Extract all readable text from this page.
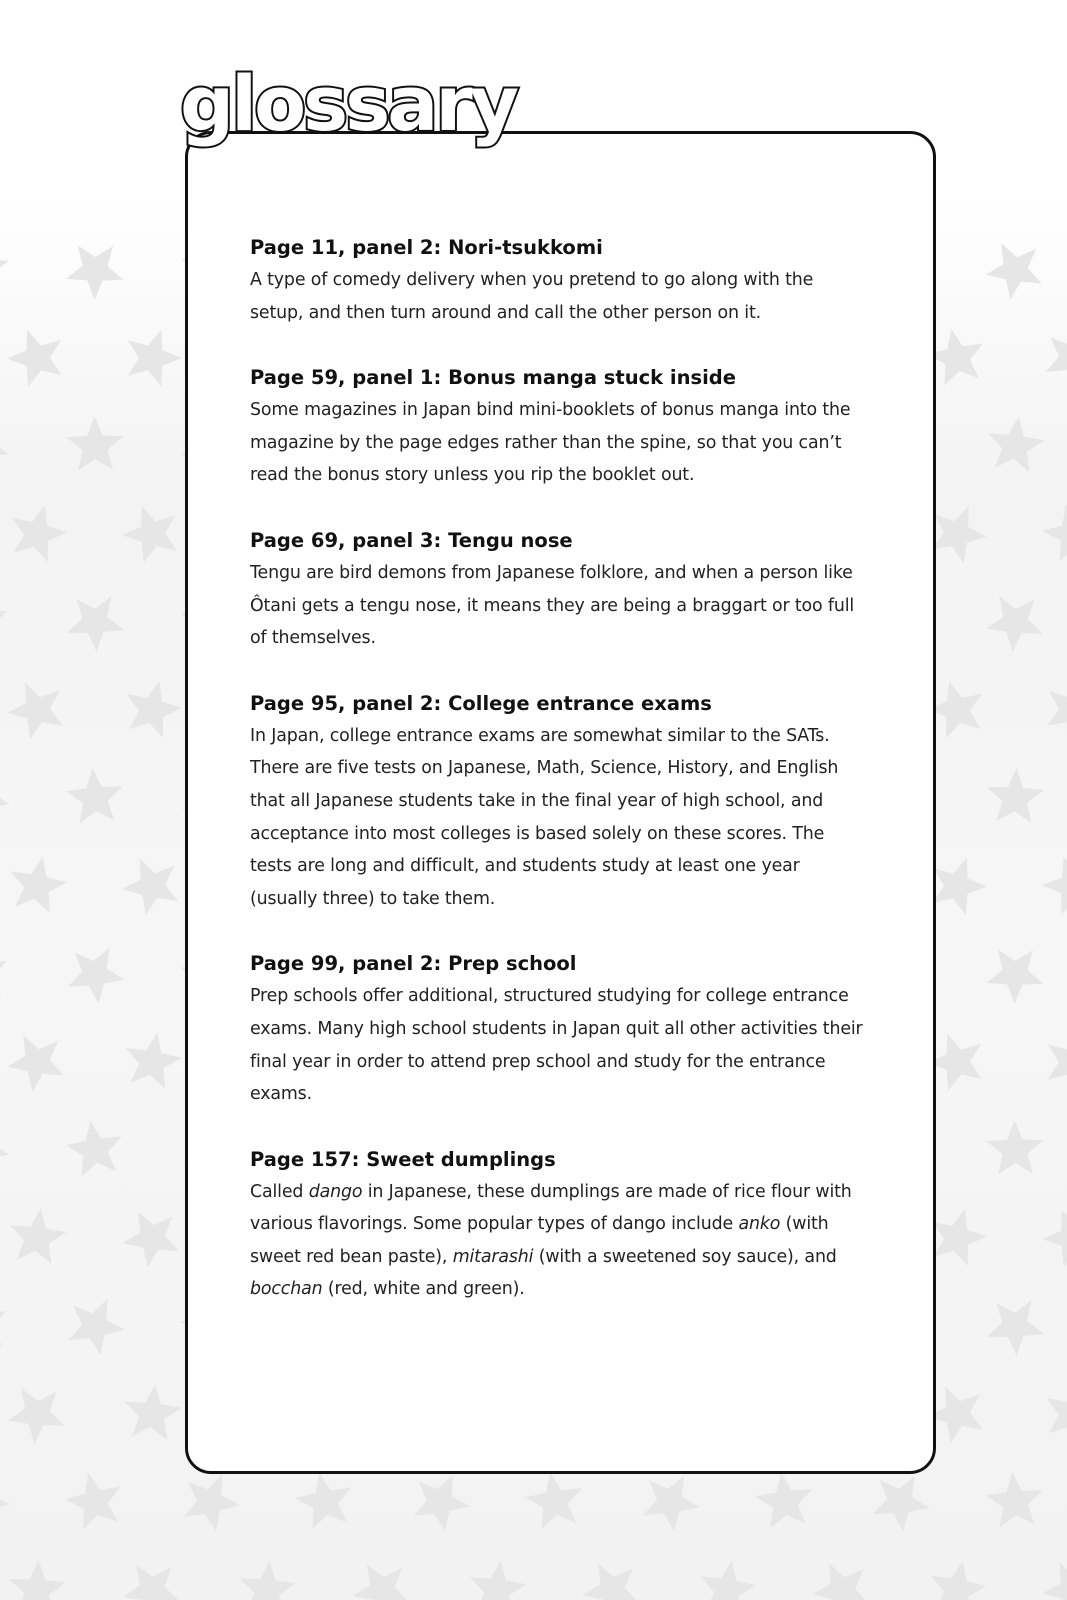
glossary
Page 11, panel 2: Nori-tsukkomi
A type of comedy delivery when you pretend to go along with the setup, and then turn around and call the other person on it.
Page 59, panel 1: Bonus manga stuck inside
Some magazines in Japan bind mini-booklets of bonus manga into the magazine by the page edges rather than the spine, so that you can’t read the bonus story unless you rip the booklet out.
Page 69, panel 3: Tengu nose
Tengu are bird demons from Japanese folklore, and when a person like Ôtani gets a tengu nose, it means they are being a braggart or too full of themselves.
Page 95, panel 2: College entrance exams
In Japan, college entrance exams are somewhat similar to the SATs. There are five tests on Japanese, Math, Science, History, and English that all Japanese students take in the final year of high school, and acceptance into most colleges is based solely on these scores. The tests are long and difficult, and students study at least one year (usually three) to take them.
Page 99, panel 2: Prep school
Prep schools offer additional, structured studying for college entrance exams. Many high school students in Japan quit all other activities their final year in order to attend prep school and study for the entrance exams.
Page 157: Sweet dumplings
Called dango in Japanese, these dumplings are made of rice flour with various flavorings. Some popular types of dango include anko (with sweet red bean paste), mitarashi (with a sweetened soy sauce), and bocchan (red, white and green).
